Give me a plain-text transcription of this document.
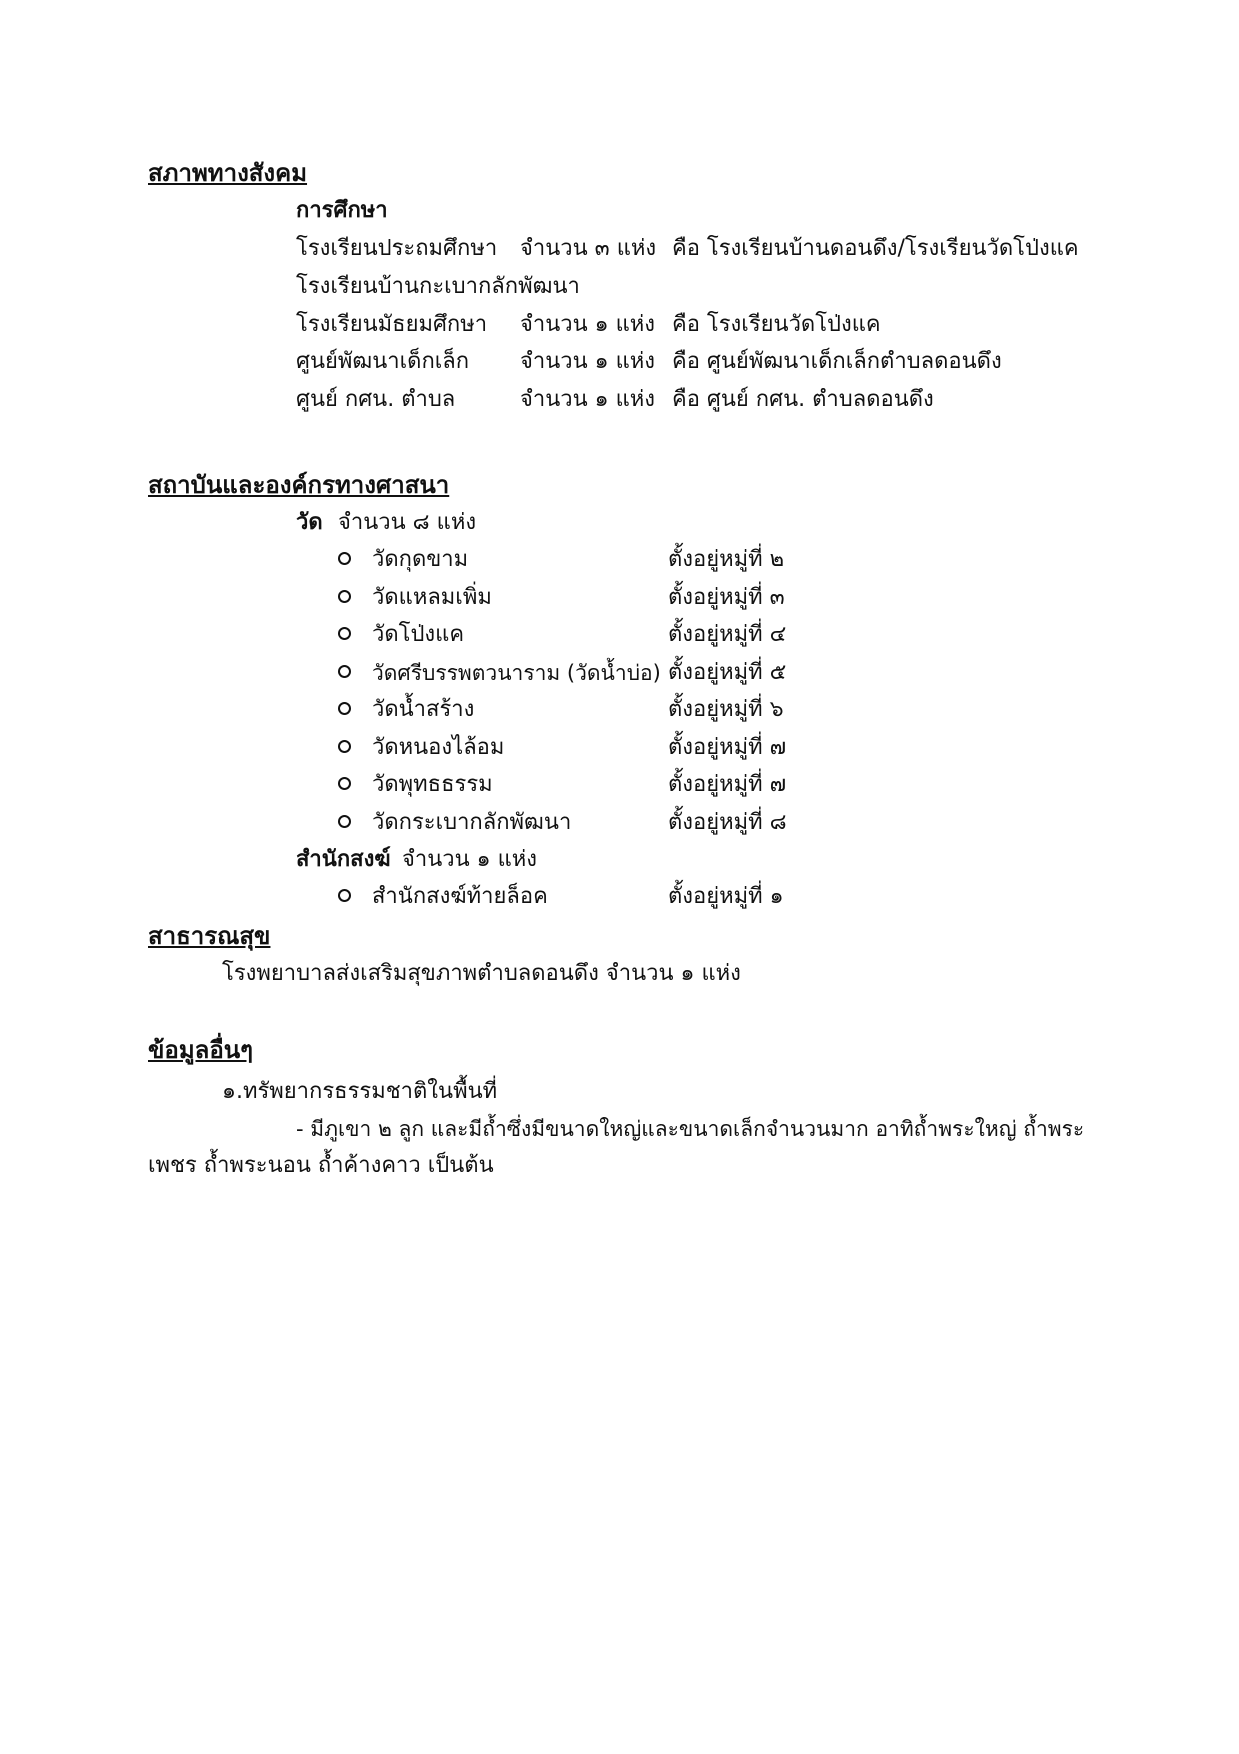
สภาพทางสังคม
การศึกษา
โรงเรียนประถมศึกษา จำนวน ๓ แห่ง คือ โรงเรียนบ้านดอนดึง/โรงเรียนวัดโป่งแค
โรงเรียนบ้านกะเบากลักพัฒนา
โรงเรียนมัธยมศึกษา จำนวน ๑ แห่ง คือ โรงเรียนวัดโป่งแค
ศูนย์พัฒนาเด็กเล็ก จำนวน ๑ แห่ง คือ ศูนย์พัฒนาเด็กเล็กตำบลดอนดึง
ศูนย์ กศน. ตำบล	จำนวน ๑ แห่ง คือ ศูนย์ กศน. ตำบลดอนดึง
สถาบันและองค์กรทางศาสนา
วัด จำนวน ๘ แห่ง
วัดกุดขาม	ตั้งอยู่หมู่ที่ ๒
วัดแหลมเพิ่ม	ตั้งอยู่หมู่ที่ ๓
วัดโป่งแค	ตั้งอยู่หมู่ที่ ๔
วัดศรีบรรพตวนาราม (วัดน้ำบ่อ) ตั้งอยู่หมู่ที่ ๕
วัดน้ำสร้าง	ตั้งอยู่หมู่ที่ ๖
วัดหนองไล้อม	ตั้งอยู่หมู่ที่ ๗
วัดพุทธธรรม	ตั้งอยู่หมู่ที่ ๗
วัดกระเบากลักพัฒนา	ตั้งอยู่หมู่ที่ ๘
สำนักสงฆ์ จำนวน ๑ แห่ง
สำนักสงฆ์ท้ายล็อค	ตั้งอยู่หมู่ที่ ๑
สาธารณสุข
โรงพยาบาลส่งเสริมสุขภาพตำบลดอนดึง จำนวน ๑ แห่ง
ข้อมูลอื่นๆ
๑.ทรัพยากรธรรมชาติในพื้นที่
- มีภูเขา ๒ ลูก และมีถ้ำซึ่งมีขนาดใหญ่และขนาดเล็กจำนวนมาก อาทิถ้ำพระใหญ่ ถ้ำพระ
เพชร ถ้ำพระนอน ถ้ำค้างคาว เป็นต้น
